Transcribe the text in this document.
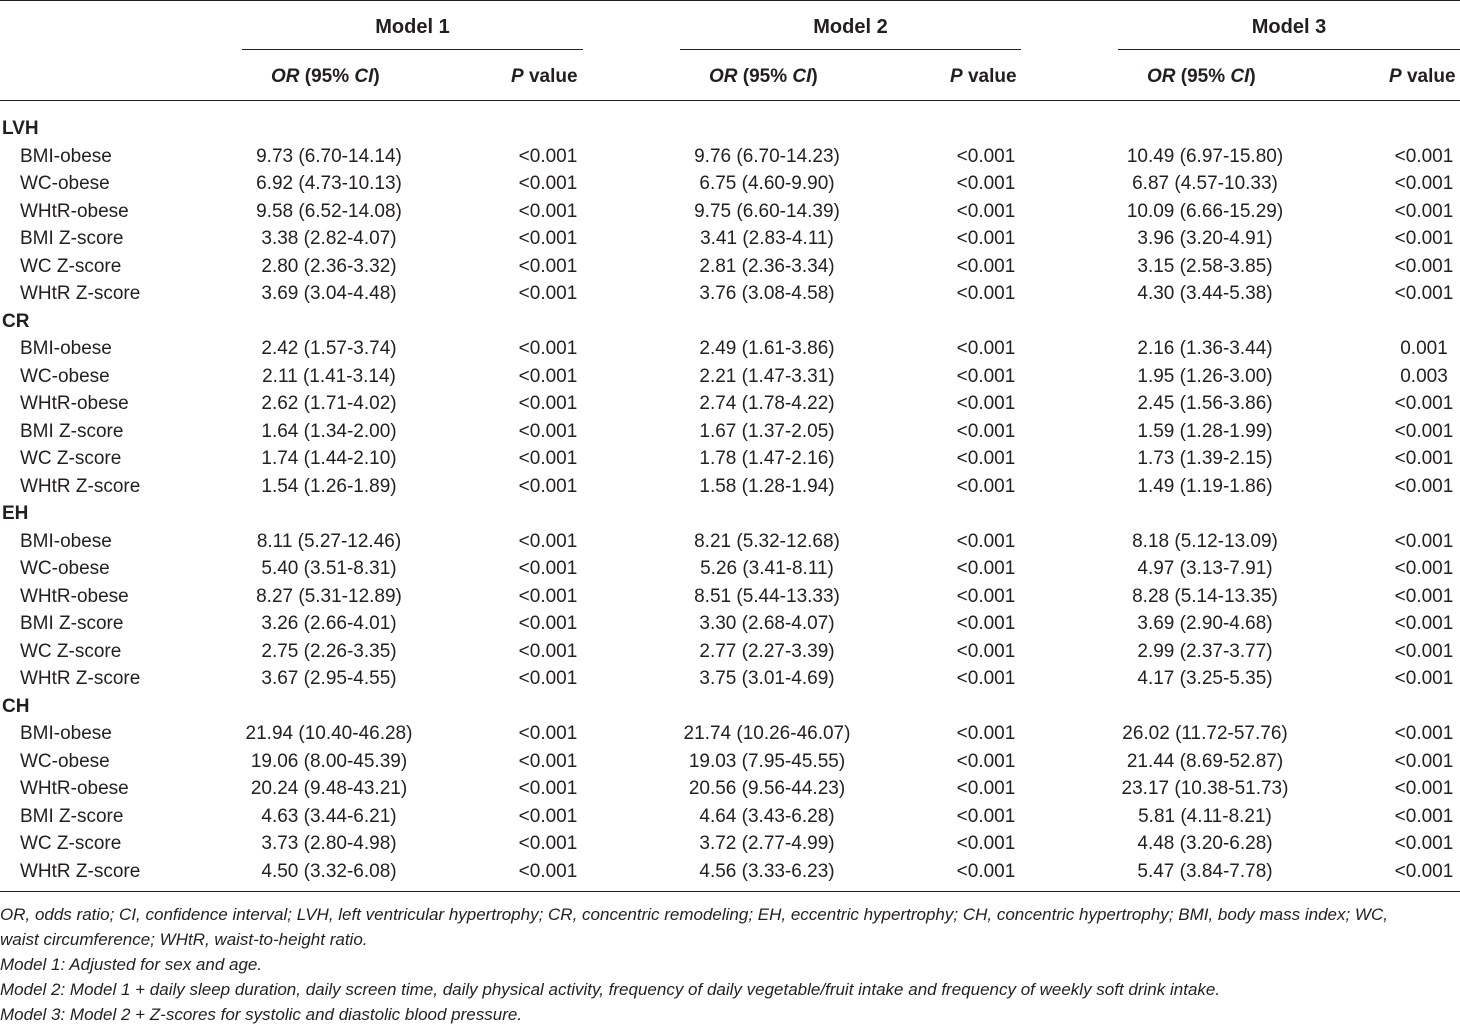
Model 1	Model 2	Model 3
OR (95% CI)	P value	OR (95% CI)	P value	OR (95% CI)	P value
LVH
BMI-obese	9.73 (6.70-14.14)	<0.001	9.76 (6.70-14.23)	<0.001	10.49 (6.97-15.80)	<0.001
WC-obese	6.92 (4.73-10.13)	<0.001	6.75 (4.60-9.90)	<0.001	6.87 (4.57-10.33)	<0.001
WHtR-obese	9.58 (6.52-14.08)	<0.001	9.75 (6.60-14.39)	<0.001	10.09 (6.66-15.29)	<0.001
BMI Z-score	3.38 (2.82-4.07)	<0.001	3.41 (2.83-4.11)	<0.001	3.96 (3.20-4.91)	<0.001
WC Z-score	2.80 (2.36-3.32)	<0.001	2.81 (2.36-3.34)	<0.001	3.15 (2.58-3.85)	<0.001
WHtR Z-score	3.69 (3.04-4.48)	<0.001	3.76 (3.08-4.58)	<0.001	4.30 (3.44-5.38)	<0.001
CR
BMI-obese	2.42 (1.57-3.74)	<0.001	2.49 (1.61-3.86)	<0.001	2.16 (1.36-3.44)	0.001
WC-obese	2.11 (1.41-3.14)	<0.001	2.21 (1.47-3.31)	<0.001	1.95 (1.26-3.00)	0.003
WHtR-obese	2.62 (1.71-4.02)	<0.001	2.74 (1.78-4.22)	<0.001	2.45 (1.56-3.86)	<0.001
BMI Z-score	1.64 (1.34-2.00)	<0.001	1.67 (1.37-2.05)	<0.001	1.59 (1.28-1.99)	<0.001
WC Z-score	1.74 (1.44-2.10)	<0.001	1.78 (1.47-2.16)	<0.001	1.73 (1.39-2.15)	<0.001
WHtR Z-score	1.54 (1.26-1.89)	<0.001	1.58 (1.28-1.94)	<0.001	1.49 (1.19-1.86)	<0.001
EH
BMI-obese	8.11 (5.27-12.46)	<0.001	8.21 (5.32-12.68)	<0.001	8.18 (5.12-13.09)	<0.001
WC-obese	5.40 (3.51-8.31)	<0.001	5.26 (3.41-8.11)	<0.001	4.97 (3.13-7.91)	<0.001
WHtR-obese	8.27 (5.31-12.89)	<0.001	8.51 (5.44-13.33)	<0.001	8.28 (5.14-13.35)	<0.001
BMI Z-score	3.26 (2.66-4.01)	<0.001	3.30 (2.68-4.07)	<0.001	3.69 (2.90-4.68)	<0.001
WC Z-score	2.75 (2.26-3.35)	<0.001	2.77 (2.27-3.39)	<0.001	2.99 (2.37-3.77)	<0.001
WHtR Z-score	3.67 (2.95-4.55)	<0.001	3.75 (3.01-4.69)	<0.001	4.17 (3.25-5.35)	<0.001
CH
BMI-obese	21.94 (10.40-46.28)	<0.001	21.74 (10.26-46.07)	<0.001	26.02 (11.72-57.76)	<0.001
WC-obese	19.06 (8.00-45.39)	<0.001	19.03 (7.95-45.55)	<0.001	21.44 (8.69-52.87)	<0.001
WHtR-obese	20.24 (9.48-43.21)	<0.001	20.56 (9.56-44.23)	<0.001	23.17 (10.38-51.73)	<0.001
BMI Z-score	4.63 (3.44-6.21)	<0.001	4.64 (3.43-6.28)	<0.001	5.81 (4.11-8.21)	<0.001
WC Z-score	3.73 (2.80-4.98)	<0.001	3.72 (2.77-4.99)	<0.001	4.48 (3.20-6.28)	<0.001
WHtR Z-score	4.50 (3.32-6.08)	<0.001	4.56 (3.33-6.23)	<0.001	5.47 (3.84-7.78)	<0.001
OR, odds ratio; CI, confidence interval; LVH, left ventricular hypertrophy; CR, concentric remodeling; EH, eccentric hypertrophy; CH, concentric hypertrophy; BMI, body mass index; WC,
waist circumference; WHtR, waist-to-height ratio.
Model 1: Adjusted for sex and age.
Model 2: Model 1 + daily sleep duration, daily screen time, daily physical activity, frequency of daily vegetable/fruit intake and frequency of weekly soft drink intake.
Model 3: Model 2 + Z-scores for systolic and diastolic blood pressure.
